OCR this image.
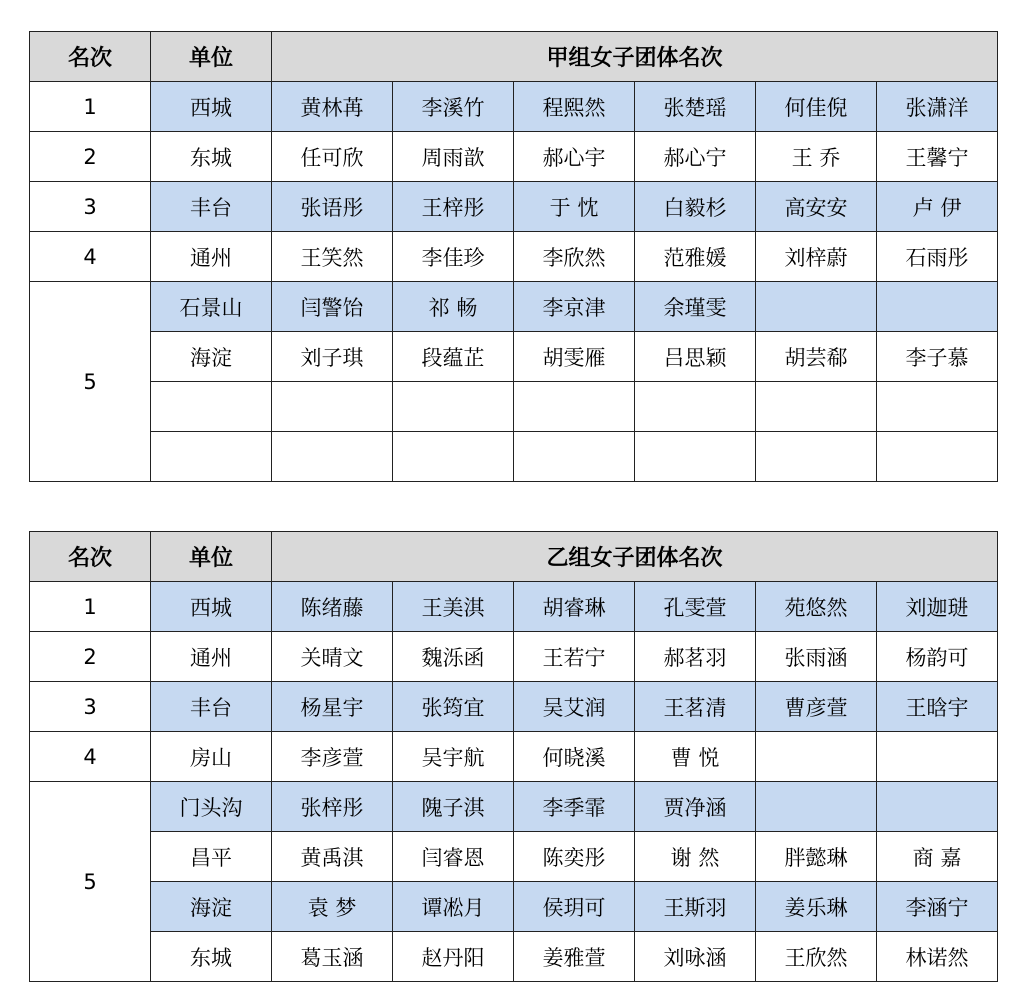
名次	单位	甲组女子团体名次					
1	西城	黄林苒	李溪竹	程熙然	张楚瑶	何佳倪	张潇洋
2	东城	任可欣	周雨歆	郝心宇	郝心宁	王 乔	王馨宁
3	丰台	张语彤	王梓彤	于 忱	白毅杉	高安安	卢 伊
4	通州	王笑然	李佳珍	李欣然	范雅媛	刘梓蔚	石雨彤
5	石景山	闫警饴	祁 畅	李京津	余瑾雯		
	海淀	刘子琪	段蕴芷	胡雯雁	吕思颖	胡芸郗	李子慕

名次	单位	乙组女子团体名次					
1	西城	陈绪藤	王美淇	胡睿琳	孔雯萱	苑悠然	刘迦琎
2	通州	关晴文	魏泺函	王若宁	郝茗羽	张雨涵	杨韵可
3	丰台	杨星宇	张筠宜	吴艾润	王茗清	曹彦萱	王晗宇
4	房山	李彦萱	吴宇航	何晓溪	曹 悦		
5	门头沟	张梓彤	隗子淇	李季霏	贾净涵		
	昌平	黄禹淇	闫睿恩	陈奕彤	谢 然	胖懿琳	商 嘉
	海淀	袁 梦	谭凇月	侯玥可	王斯羽	姜乐琳	李涵宁
	东城	葛玉涵	赵丹阳	姜雅萱	刘咏涵	王欣然	林诺然
